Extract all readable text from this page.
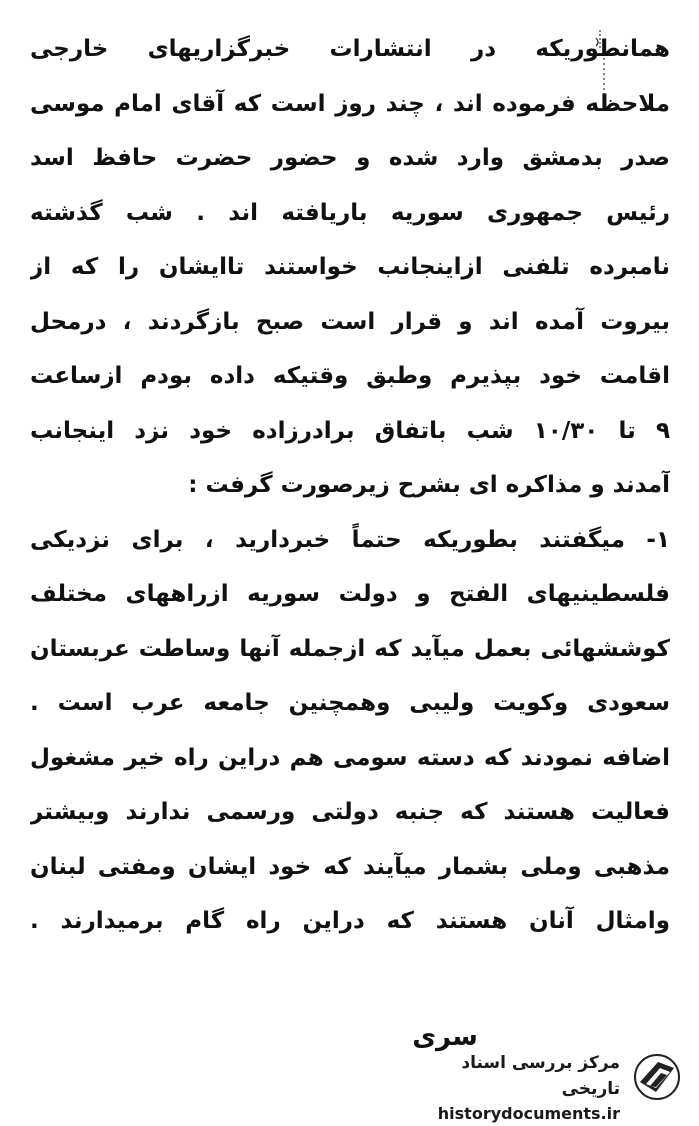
همانطوریکه در انتشارات خبرگزاریهای خارجی
ملاحظه فرموده اند ، چند روز است که آقای امام موسی
صدر بدمشق وارد شده و حضور حضرت حافظ اسد
رئیس جمهوری سوریه باریافته اند . شب گذشته
نامبرده تلفنی ازاینجانب خواستند تاایشان را که از
بیروت آمده اند و قرار است صبح بازگردند ، درمحل
اقامت خود بپذیرم وطبق وقتیکه داده بودم ازساعت
۹ تا ۱۰/۳۰ شب باتفاق برادرزاده خود نزد اینجانب
آمدند و مذاکره ای بشرح زیرصورت گرفت :
۱- میگفتند بطوریکه حتماً خبردارید ، برای نزدیکی
فلسطینیهای الفتح و دولت سوریه ازراههای مختلف
کوششهائی بعمل میآید که ازجمله آنها وساطت عربستان
سعودی وکویت ولیبی وهمچنین جامعه عرب است .
اضافه نمودند که دسته سومی هم دراین راه خیر مشغول
فعالیت هستند که جنبه دولتی ورسمی ندارند وبیشتر
مذهبی وملی بشمار میآیند که خود ایشان ومفتی لبنان
وامثال آنان هستند که دراین راه گام برمیدارند .
سری
مرکز بررسی اسناد تاریخی
historydocuments.ir
